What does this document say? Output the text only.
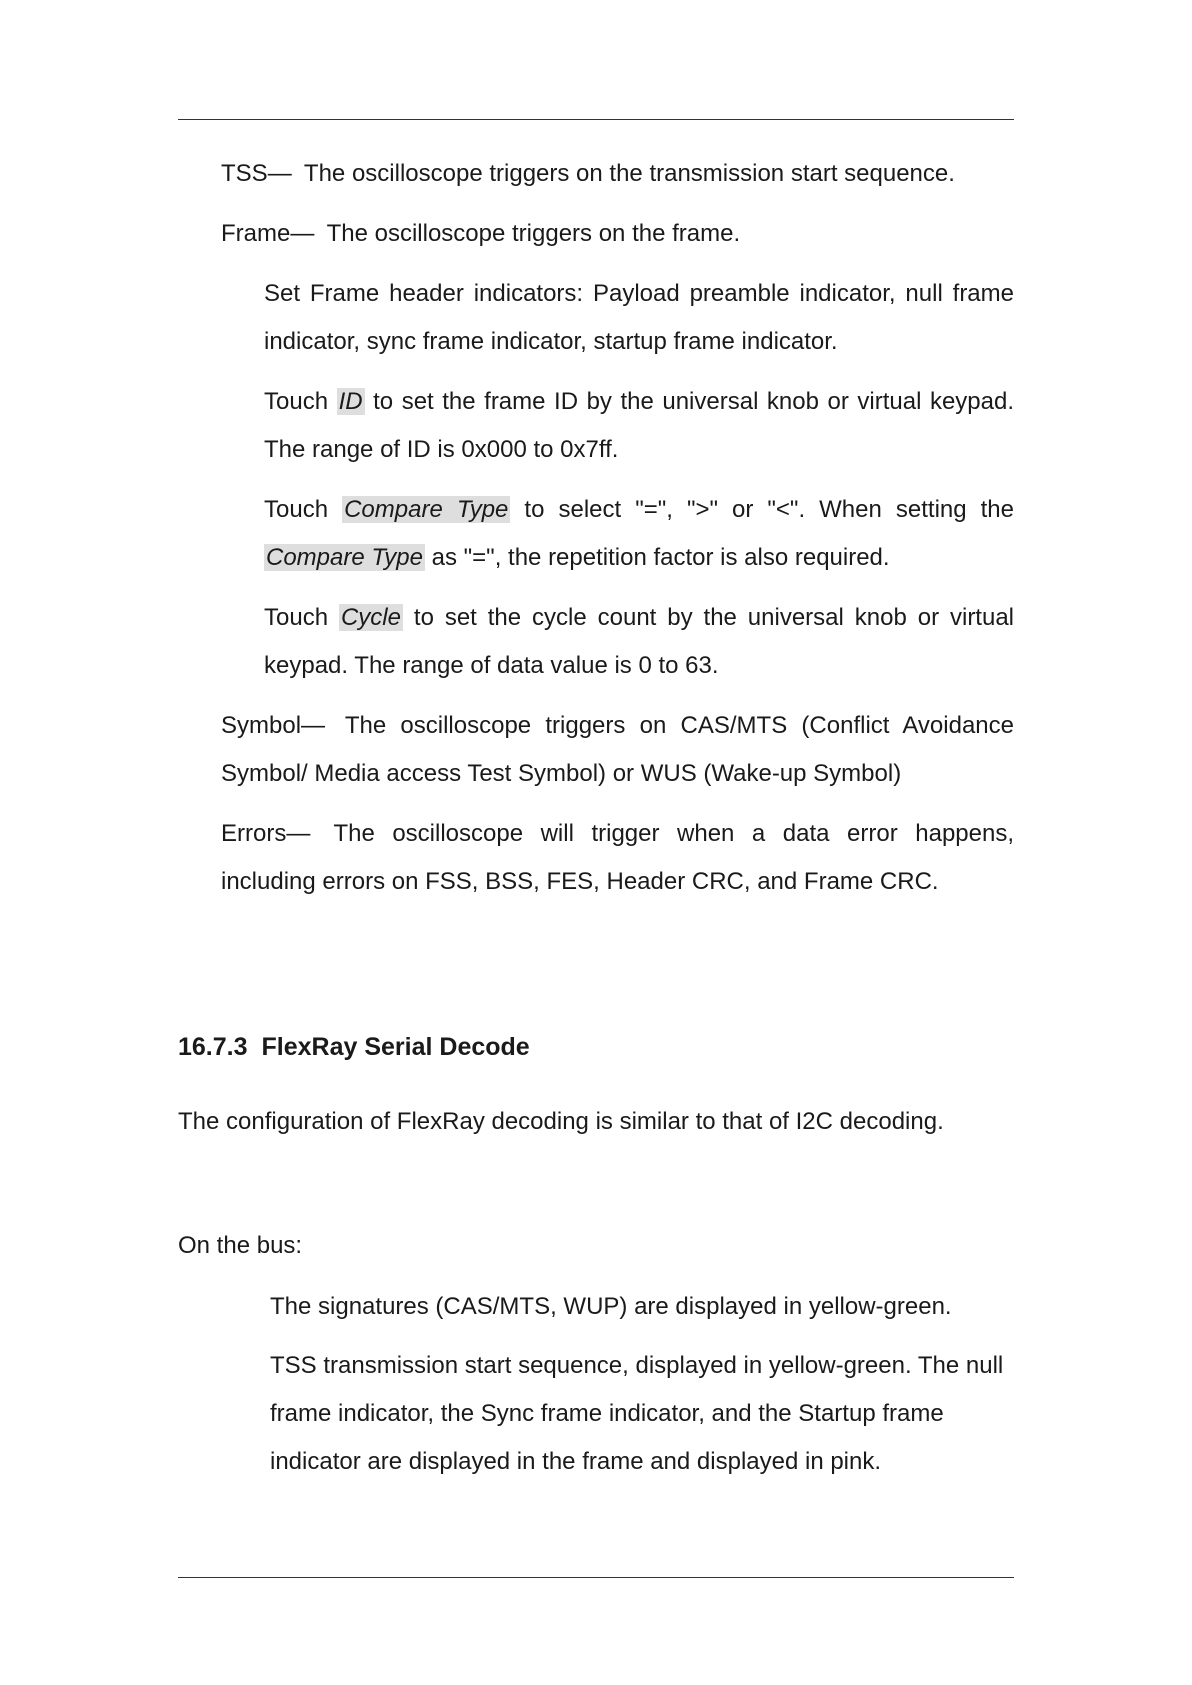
TSS— The oscilloscope triggers on the transmission start sequence.

Frame— The oscilloscope triggers on the frame.

Set Frame header indicators: Payload preamble indicator, null frame indicator, sync frame indicator, startup frame indicator.

Touch ID to set the frame ID by the universal knob or virtual keypad. The range of ID is 0x000 to 0x7ff.

Touch Compare Type to select "=", ">" or "<". When setting the Compare Type as "=", the repetition factor is also required.

Touch Cycle to set the cycle count by the universal knob or virtual keypad. The range of data value is 0 to 63.

Symbol— The oscilloscope triggers on CAS/MTS (Conflict Avoidance Symbol/ Media access Test Symbol) or WUS (Wake-up Symbol)

Errors— The oscilloscope will trigger when a data error happens, including errors on FSS, BSS, FES, Header CRC, and Frame CRC.

16.7.3 FlexRay Serial Decode

The configuration of FlexRay decoding is similar to that of I2C decoding.

On the bus:

The signatures (CAS/MTS, WUP) are displayed in yellow-green.

TSS transmission start sequence, displayed in yellow-green. The null frame indicator, the Sync frame indicator, and the Startup frame indicator are displayed in the frame and displayed in pink.
